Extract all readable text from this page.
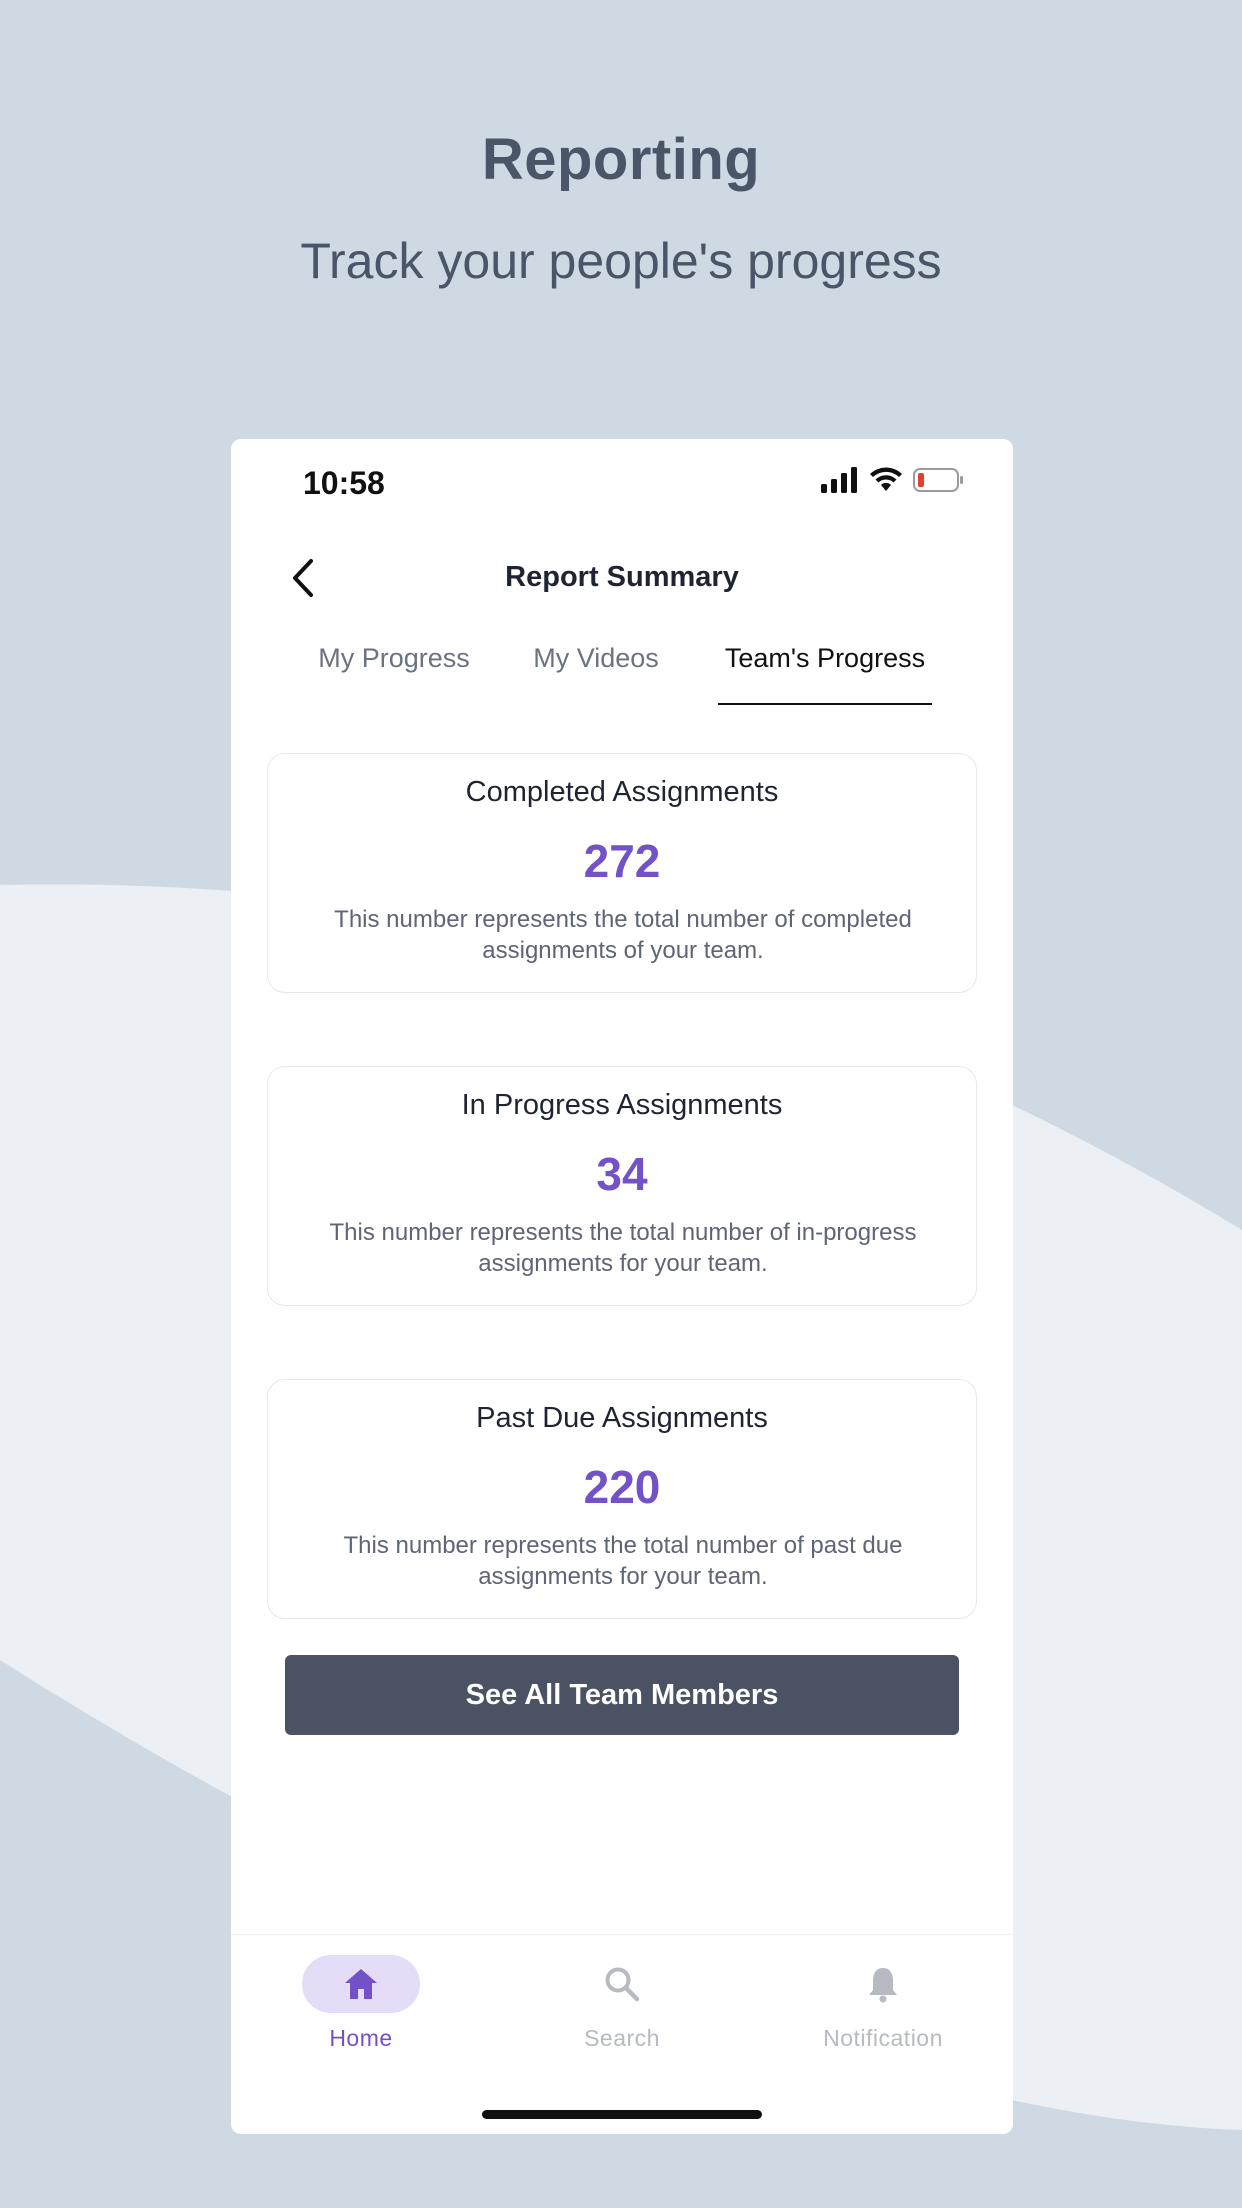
Reporting
Track your people's progress
10:58
Report Summary
My Progress My Videos Team's Progress
Completed Assignments
272
This number represents the total number of completed assignments of your team.
In Progress Assignments
34
This number represents the total number of in-progress assignments for your team.
Past Due Assignments
220
This number represents the total number of past due assignments for your team.
See All Team Members
Home	Search	Notification
